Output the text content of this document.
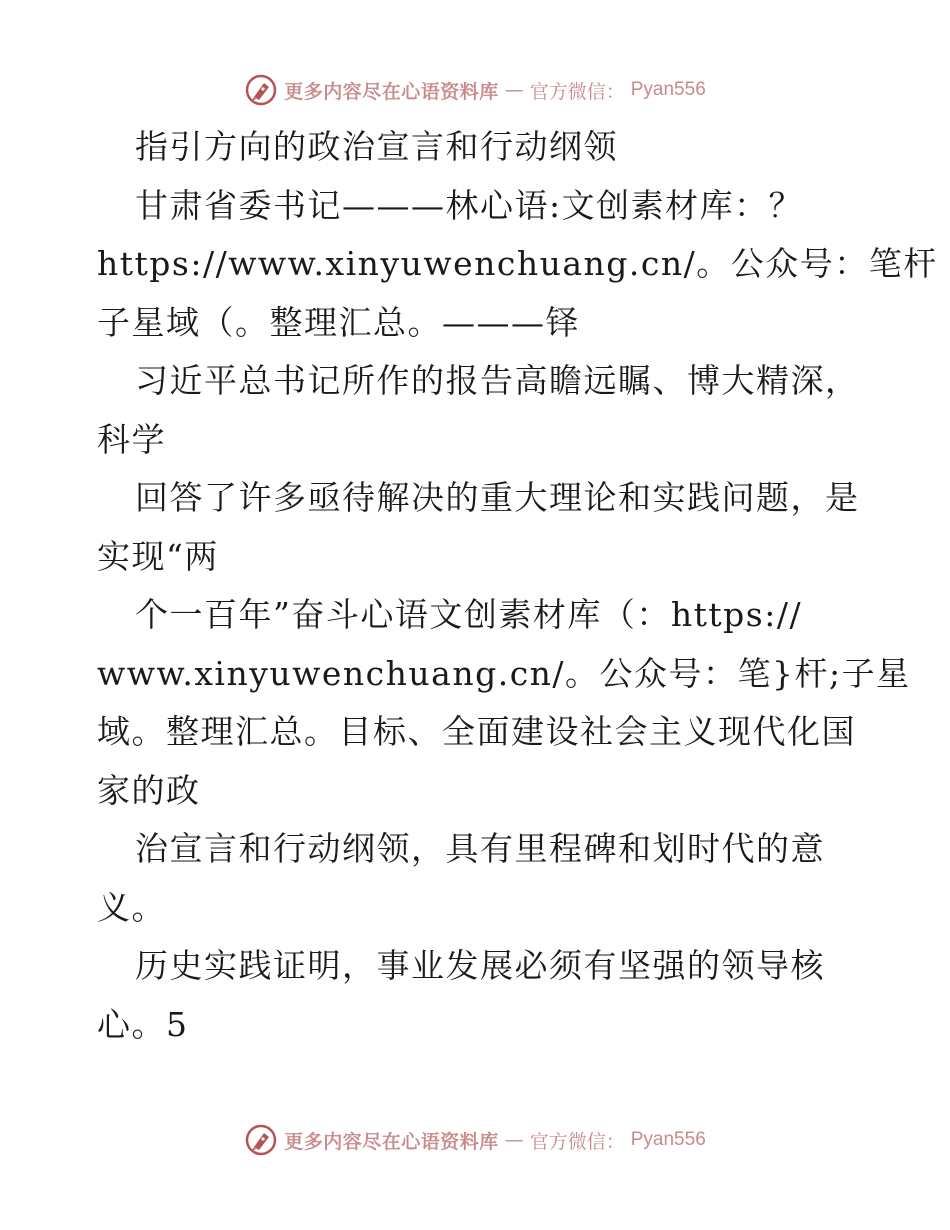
更多内容尽在心语资料库 — 官方微信： Pyan556
指引方向的政治宣言和行动纲领
甘肃省委书记———林心语:文创素材库：？
https://www.xinyuwenchuang.cn/。公众号：笔杆
子星域（。整理汇总。———铎
习近平总书记所作的报告高瞻远瞩、博大精深，
科学
回答了许多亟待解决的重大理论和实践问题，是
实现“两
个一百年”奋斗心语文创素材库（：https://
www.xinyuwenchuang.cn/。公众号：笔}杆;子星
域。整理汇总。目标、全面建设社会主义现代化国
家的政
治宣言和行动纲领，具有里程碑和划时代的意
义。
历史实践证明，事业发展必须有坚强的领导核
心。5
更多内容尽在心语资料库 — 官方微信： Pyan556
